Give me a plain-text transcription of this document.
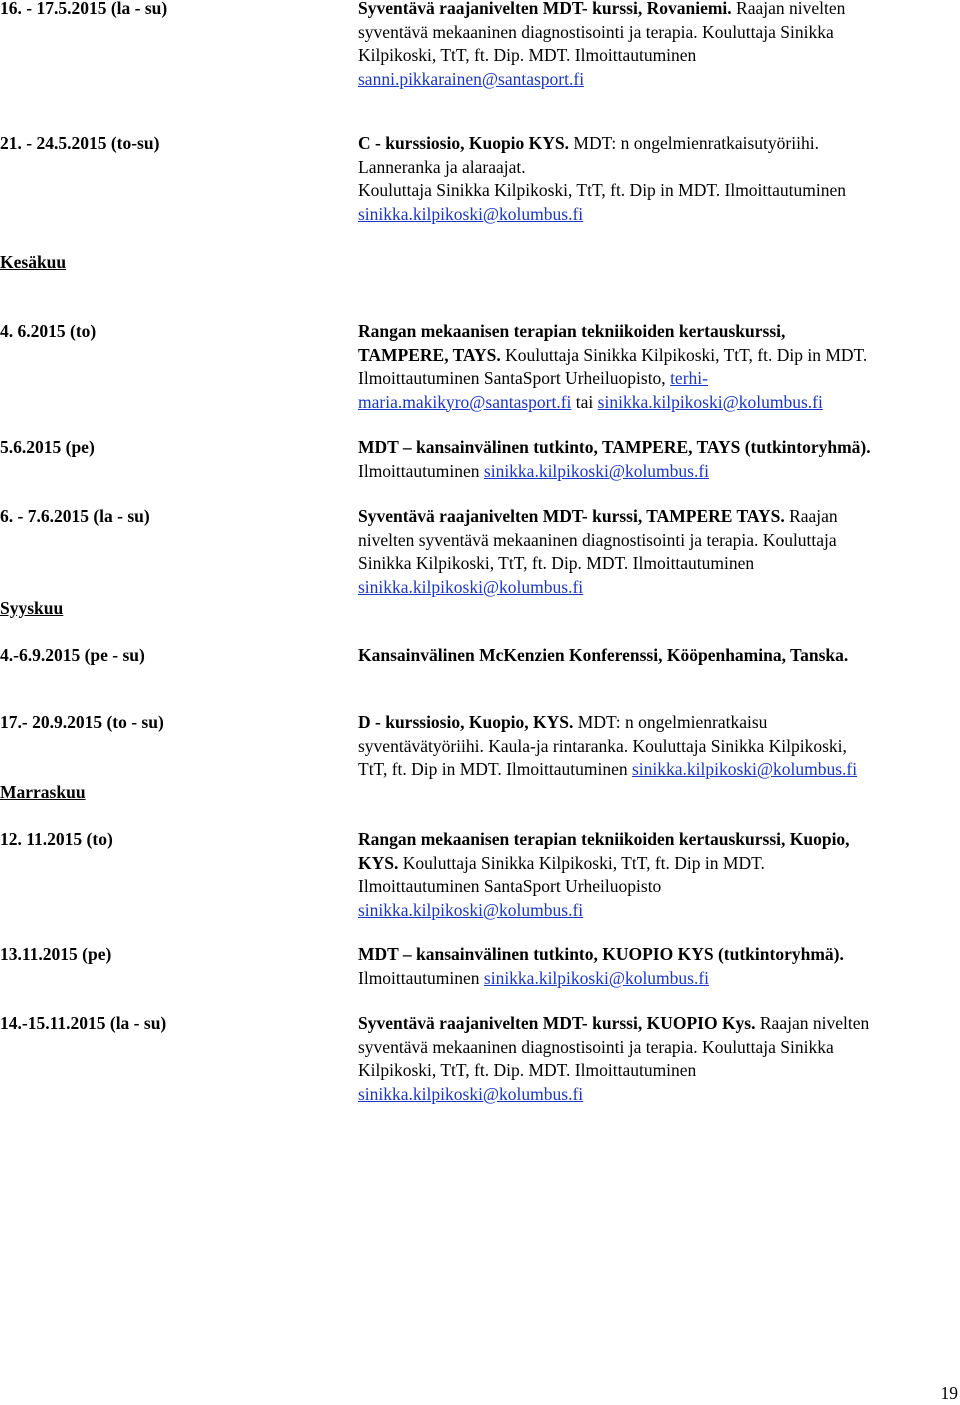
16. - 17.5.2015 (la - su)	Syventävä raajanivelten MDT- kurssi, Rovaniemi. Raajan nivelten
syventävä mekaaninen diagnostisointi ja terapia. Kouluttaja Sinikka
Kilpikoski, TtT, ft. Dip. MDT. Ilmoittautuminen
sanni.pikkarainen@santasport.fi
21. - 24.5.2015 (to-su)	C - kurssiosio, Kuopio KYS. MDT: n ongelmienratkaisutyöriihi.
Lanneranka ja alaraajat.
Kouluttaja Sinikka Kilpikoski, TtT, ft. Dip in MDT. Ilmoittautuminen
sinikka.kilpikoski@kolumbus.fi
Kesäkuu
4. 6.2015 (to)	Rangan mekaanisen terapian tekniikoiden kertauskurssi,
TAMPERE, TAYS. Kouluttaja Sinikka Kilpikoski, TtT, ft. Dip in MDT.
Ilmoittautuminen SantaSport Urheiluopisto, terhi-
maria.makikyro@santasport.fi tai sinikka.kilpikoski@kolumbus.fi
5.6.2015 (pe)	MDT – kansainvälinen tutkinto, TAMPERE, TAYS (tutkintoryhmä).
Ilmoittautuminen sinikka.kilpikoski@kolumbus.fi
6. - 7.6.2015 (la - su)	Syventävä raajanivelten MDT- kurssi, TAMPERE TAYS. Raajan
nivelten syventävä mekaaninen diagnostisointi ja terapia. Kouluttaja
Sinikka Kilpikoski, TtT, ft. Dip. MDT. Ilmoittautuminen
sinikka.kilpikoski@kolumbus.fi
Syyskuu
4.-6.9.2015 (pe - su)	Kansainvälinen McKenzien Konferenssi, Kööpenhamina, Tanska.
17.- 20.9.2015 (to - su)	D - kurssiosio, Kuopio, KYS. MDT: n ongelmienratkaisu
syventävätyöriihi. Kaula-ja rintaranka. Kouluttaja Sinikka Kilpikoski,
TtT, ft. Dip in MDT. Ilmoittautuminen sinikka.kilpikoski@kolumbus.fi
Marraskuu
12. 11.2015 (to)	Rangan mekaanisen terapian tekniikoiden kertauskurssi, Kuopio,
KYS. Kouluttaja Sinikka Kilpikoski, TtT, ft. Dip in MDT.
Ilmoittautuminen SantaSport Urheiluopisto
sinikka.kilpikoski@kolumbus.fi
13.11.2015 (pe)	MDT – kansainvälinen tutkinto, KUOPIO KYS (tutkintoryhmä).
Ilmoittautuminen sinikka.kilpikoski@kolumbus.fi
14.-15.11.2015 (la - su)	Syventävä raajanivelten MDT- kurssi, KUOPIO Kys. Raajan nivelten
syventävä mekaaninen diagnostisointi ja terapia. Kouluttaja Sinikka
Kilpikoski, TtT, ft. Dip. MDT. Ilmoittautuminen
sinikka.kilpikoski@kolumbus.fi
19
